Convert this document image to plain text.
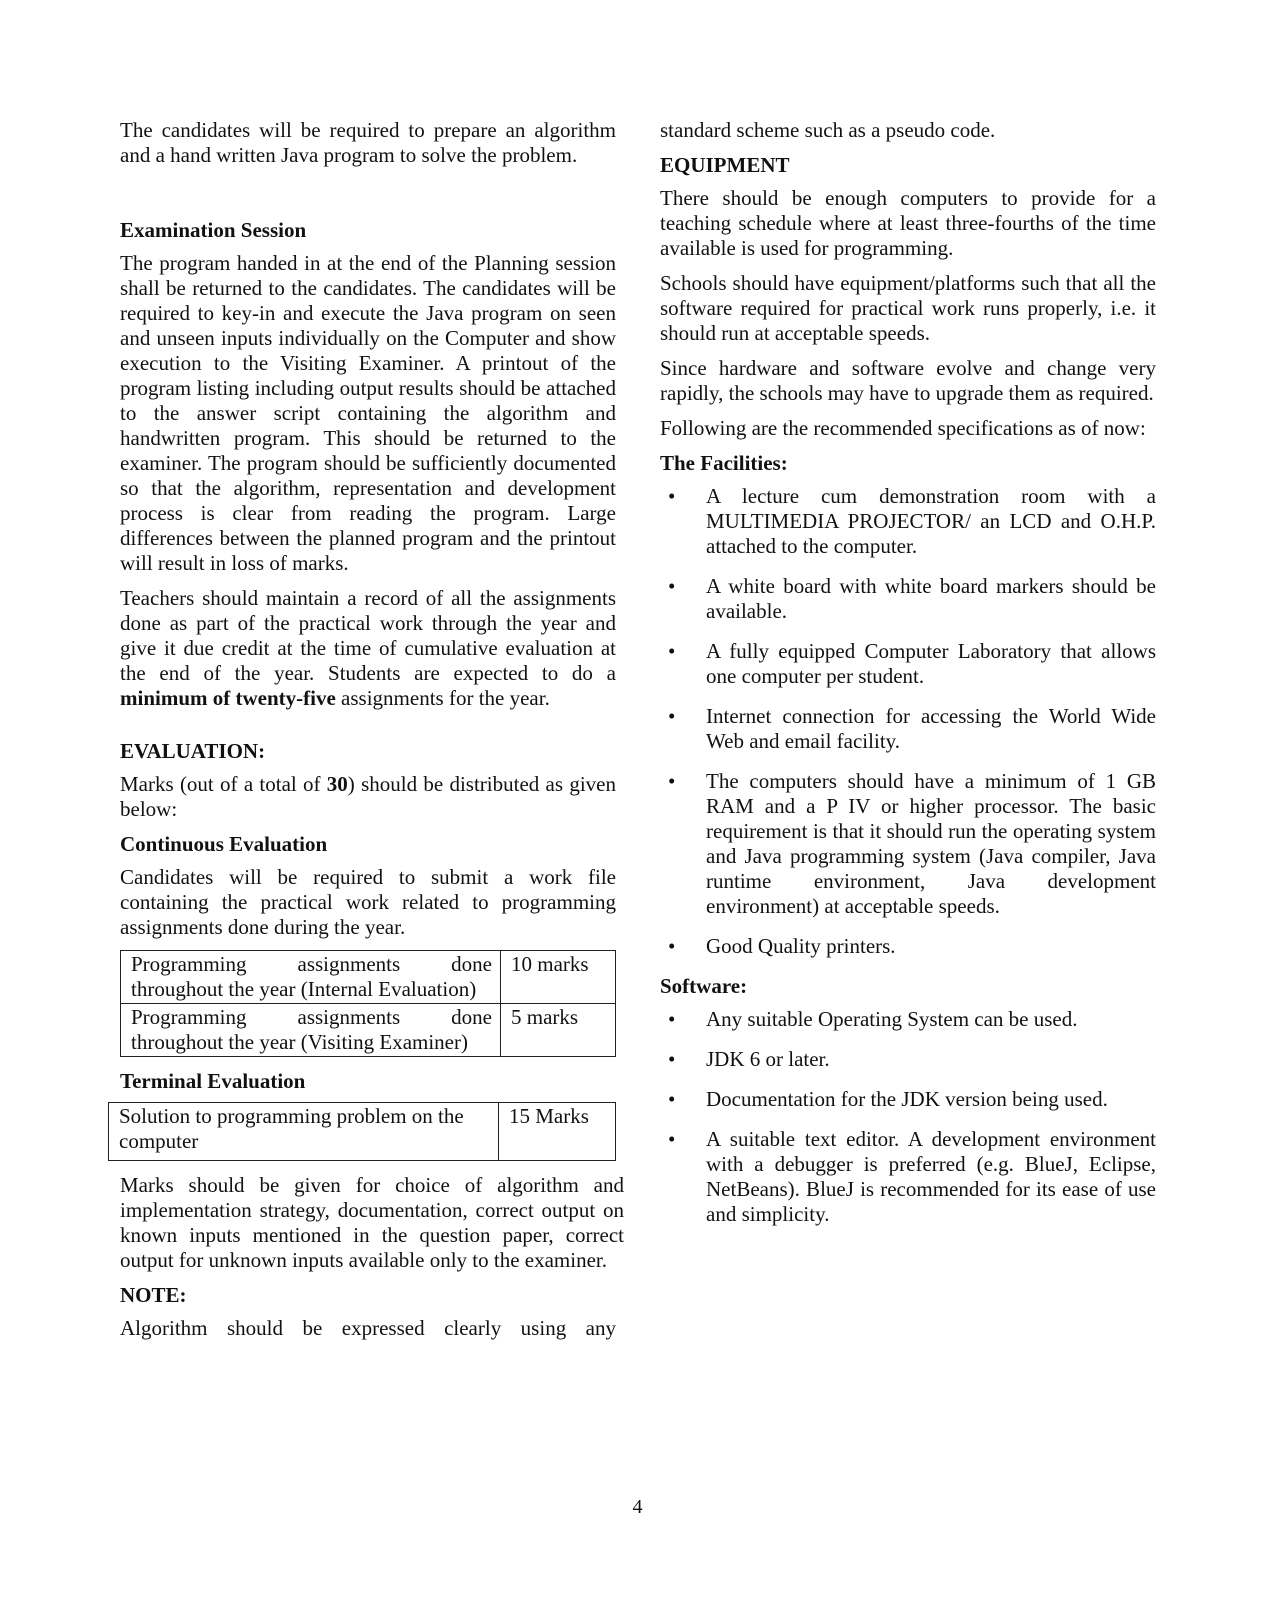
The candidates will be required to prepare an algorithm and a hand written Java program to solve the problem.

Examination Session

The program handed in at the end of the Planning session shall be returned to the candidates. The candidates will be required to key-in and execute the Java program on seen and unseen inputs individually on the Computer and show execution to the Visiting Examiner. A printout of the program listing including output results should be attached to the answer script containing the algorithm and handwritten program. This should be returned to the examiner. The program should be sufficiently documented so that the algorithm, representation and development process is clear from reading the program. Large differences between the planned program and the printout will result in loss of marks.

Teachers should maintain a record of all the assignments done as part of the practical work through the year and give it due credit at the time of cumulative evaluation at the end of the year. Students are expected to do a minimum of twenty-five assignments for the year.

EVALUATION:

Marks (out of a total of 30) should be distributed as given below:

Continuous Evaluation

Candidates will be required to submit a work file containing the practical work related to programming assignments done during the year.

Programming assignments done throughout the year (Internal Evaluation)	10 marks
Programming assignments done throughout the year (Visiting Examiner)	5 marks
Terminal Evaluation
Solution to programming problem on the computer	15 Marks

Marks should be given for choice of algorithm and implementation strategy, documentation, correct output on known inputs mentioned in the question paper, correct output for unknown inputs available only to the examiner.

NOTE:

Algorithm should be expressed clearly using any

standard scheme such as a pseudo code.

EQUIPMENT

There should be enough computers to provide for a teaching schedule where at least three-fourths of the time available is used for programming.

Schools should have equipment/platforms such that all the software required for practical work runs properly, i.e. it should run at acceptable speeds.

Since hardware and software evolve and change very rapidly, the schools may have to upgrade them as required.

Following are the recommended specifications as of now:

The Facilities:
• A lecture cum demonstration room with a MULTIMEDIA PROJECTOR/ an LCD and O.H.P. attached to the computer.
• A white board with white board markers should be available.
• A fully equipped Computer Laboratory that allows one computer per student.
• Internet connection for accessing the World Wide Web and email facility.
• The computers should have a minimum of 1 GB RAM and a P IV or higher processor. The basic requirement is that it should run the operating system and Java programming system (Java compiler, Java runtime environment, Java development environment) at acceptable speeds.
• Good Quality printers.
Software:
• Any suitable Operating System can be used.
• JDK 6 or later.
• Documentation for the JDK version being used.
• A suitable text editor. A development environment with a debugger is preferred (e.g. BlueJ, Eclipse, NetBeans). BlueJ is recommended for its ease of use and simplicity.
4
